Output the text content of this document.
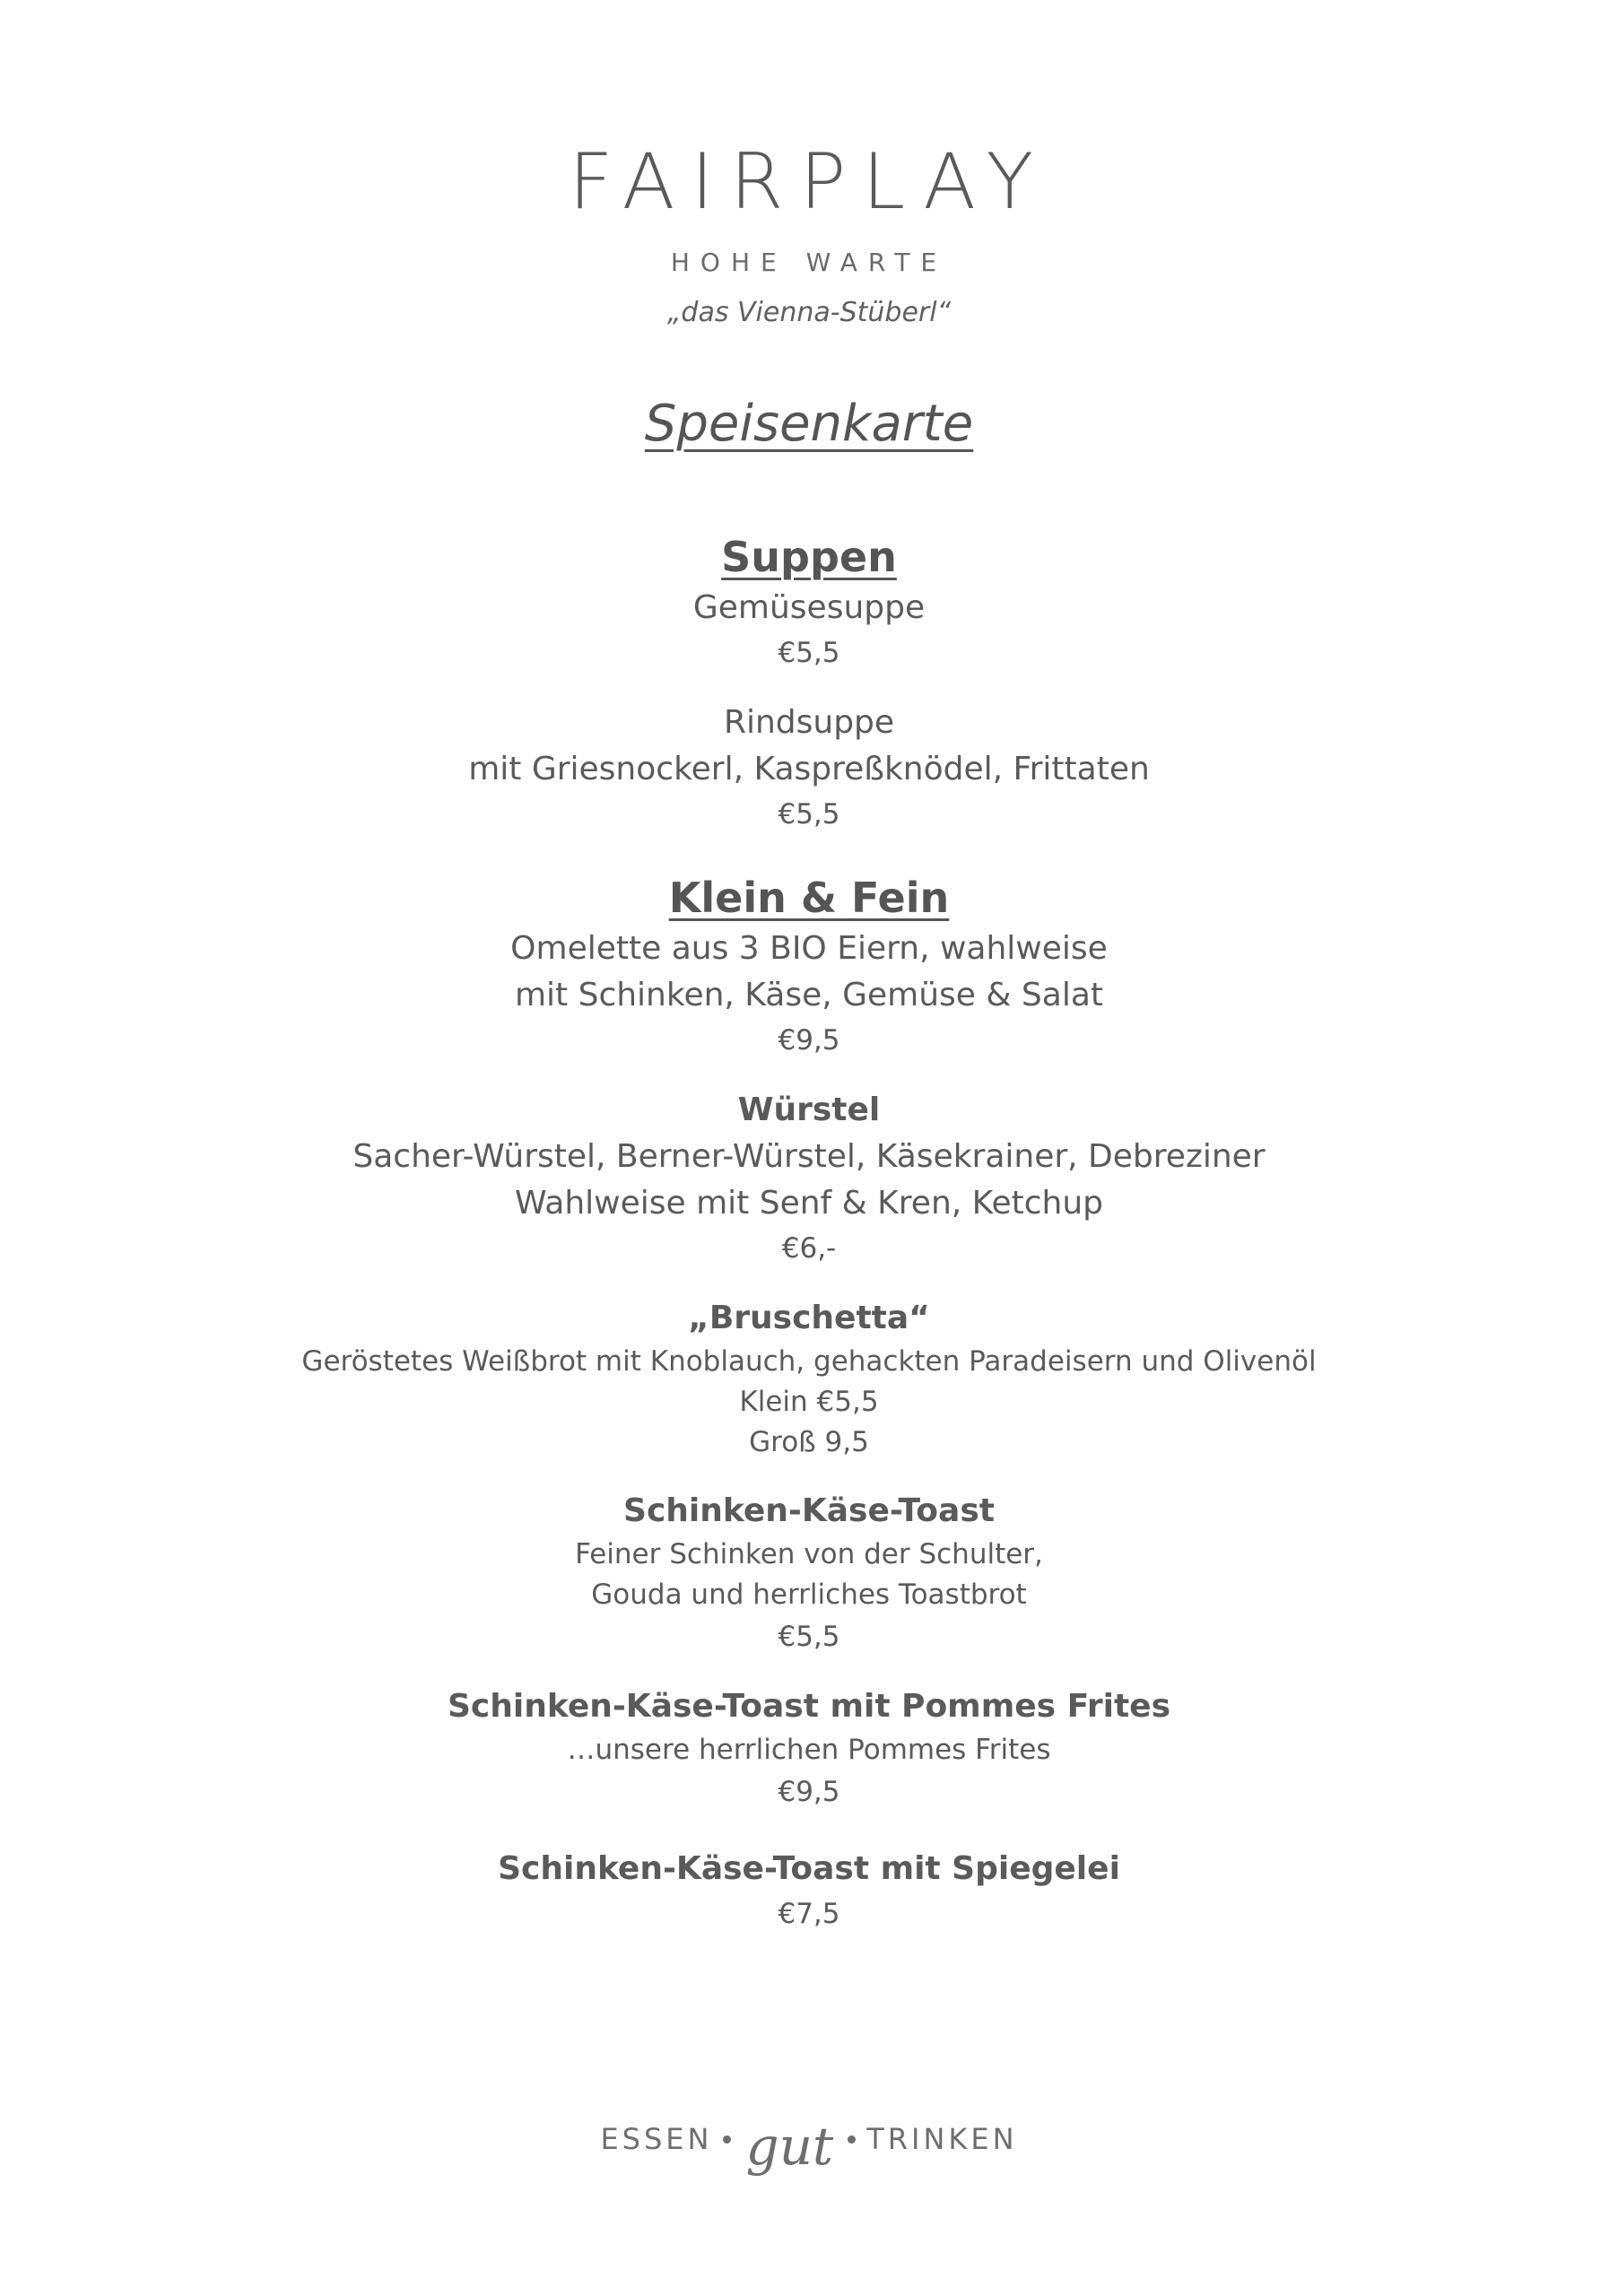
FAIRPLAY
HOHE WARTE
„das Vienna-Stüberl“
Speisenkarte
Suppen
Gemüsesuppe
€5,5
Rindsuppe
mit Griesnockerl, Kaspreßknödel, Frittaten
€5,5
Klein & Fein
Omelette aus 3 BIO Eiern, wahlweise
mit Schinken, Käse, Gemüse & Salat
€9,5
Würstel
Sacher-Würstel, Berner-Würstel, Käsekrainer, Debreziner
Wahlweise mit Senf & Kren, Ketchup
€6,-
„Bruschetta“
Geröstetes Weißbrot mit Knoblauch, gehackten Paradeisern und Olivenöl
Klein €5,5
Groß 9,5
Schinken-Käse-Toast
Feiner Schinken von der Schulter,
Gouda und herrliches Toastbrot
€5,5
Schinken-Käse-Toast mit Pommes Frites
…unsere herrlichen Pommes Frites
€9,5
Schinken-Käse-Toast mit Spiegelei
€7,5
ESSEN gut TRINKEN
